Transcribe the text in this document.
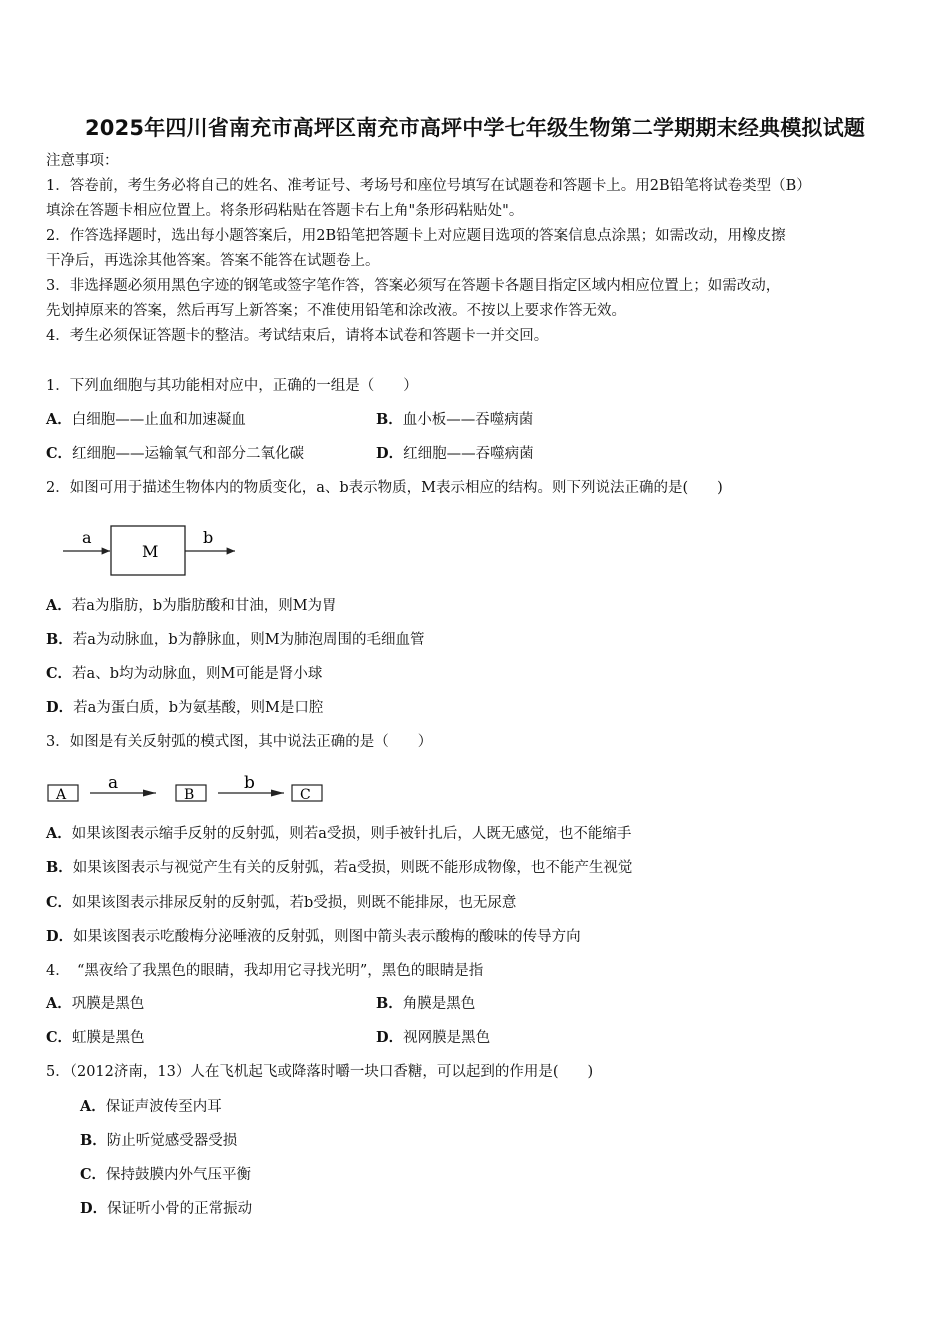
2025年四川省南充市高坪区南充市高坪中学七年级生物第二学期期末经典模拟试题
注意事项：
1．答卷前，考生务必将自己的姓名、准考证号、考场号和座位号填写在试题卷和答题卡上。用2B铅笔将试卷类型（B）
填涂在答题卡相应位置上。将条形码粘贴在答题卡右上角"条形码粘贴处"。
2．作答选择题时，选出每小题答案后，用2B铅笔把答题卡上对应题目选项的答案信息点涂黑；如需改动，用橡皮擦
干净后，再选涂其他答案。答案不能答在试题卷上。
3．非选择题必须用黑色字迹的钢笔或签字笔作答，答案必须写在答题卡各题目指定区域内相应位置上；如需改动，
先划掉原来的答案，然后再写上新答案；不准使用铅笔和涂改液。不按以上要求作答无效。
4．考生必须保证答题卡的整洁。考试结束后，请将本试卷和答题卡一并交回。
1．下列血细胞与其功能相对应中，正确的一组是（　　）
A．白细胞——止血和加速凝血	B．血小板——吞噬病菌
C．红细胞——运输氧气和部分二氧化碳	D．红细胞——吞噬病菌
2．如图可用于描述生物体内的物质变化，a、b表示物质，M表示相应的结构。则下列说法正确的是(　　)
a
M
b
A．若a为脂肪，b为脂肪酸和甘油，则M为胃
B．若a为动脉血，b为静脉血，则M为肺泡周围的毛细血管
C．若a、b均为动脉血，则M可能是肾小球
D．若a为蛋白质，b为氨基酸，则M是口腔
3．如图是有关反射弧的模式图，其中说法正确的是（　　）
A
a
B
b
C
A．如果该图表示缩手反射的反射弧，则若a受损，则手被针扎后，人既无感觉，也不能缩手
B．如果该图表示与视觉产生有关的反射弧，若a受损，则既不能形成物像，也不能产生视觉
C．如果该图表示排尿反射的反射弧，若b受损，则既不能排尿，也无尿意
D．如果该图表示吃酸梅分泌唾液的反射弧，则图中箭头表示酸梅的酸味的传导方向
4．　“黑夜给了我黑色的眼睛，我却用它寻找光明”，黑色的眼睛是指
A．巩膜是黑色	B．角膜是黑色
C．虹膜是黑色	D．视网膜是黑色
5．（2012济南，13）人在飞机起飞或降落时嚼一块口香糖，可以起到的作用是(　　)
A．保证声波传至内耳
B．防止听觉感受器受损
C．保持鼓膜内外气压平衡
D．保证听小骨的正常振动
